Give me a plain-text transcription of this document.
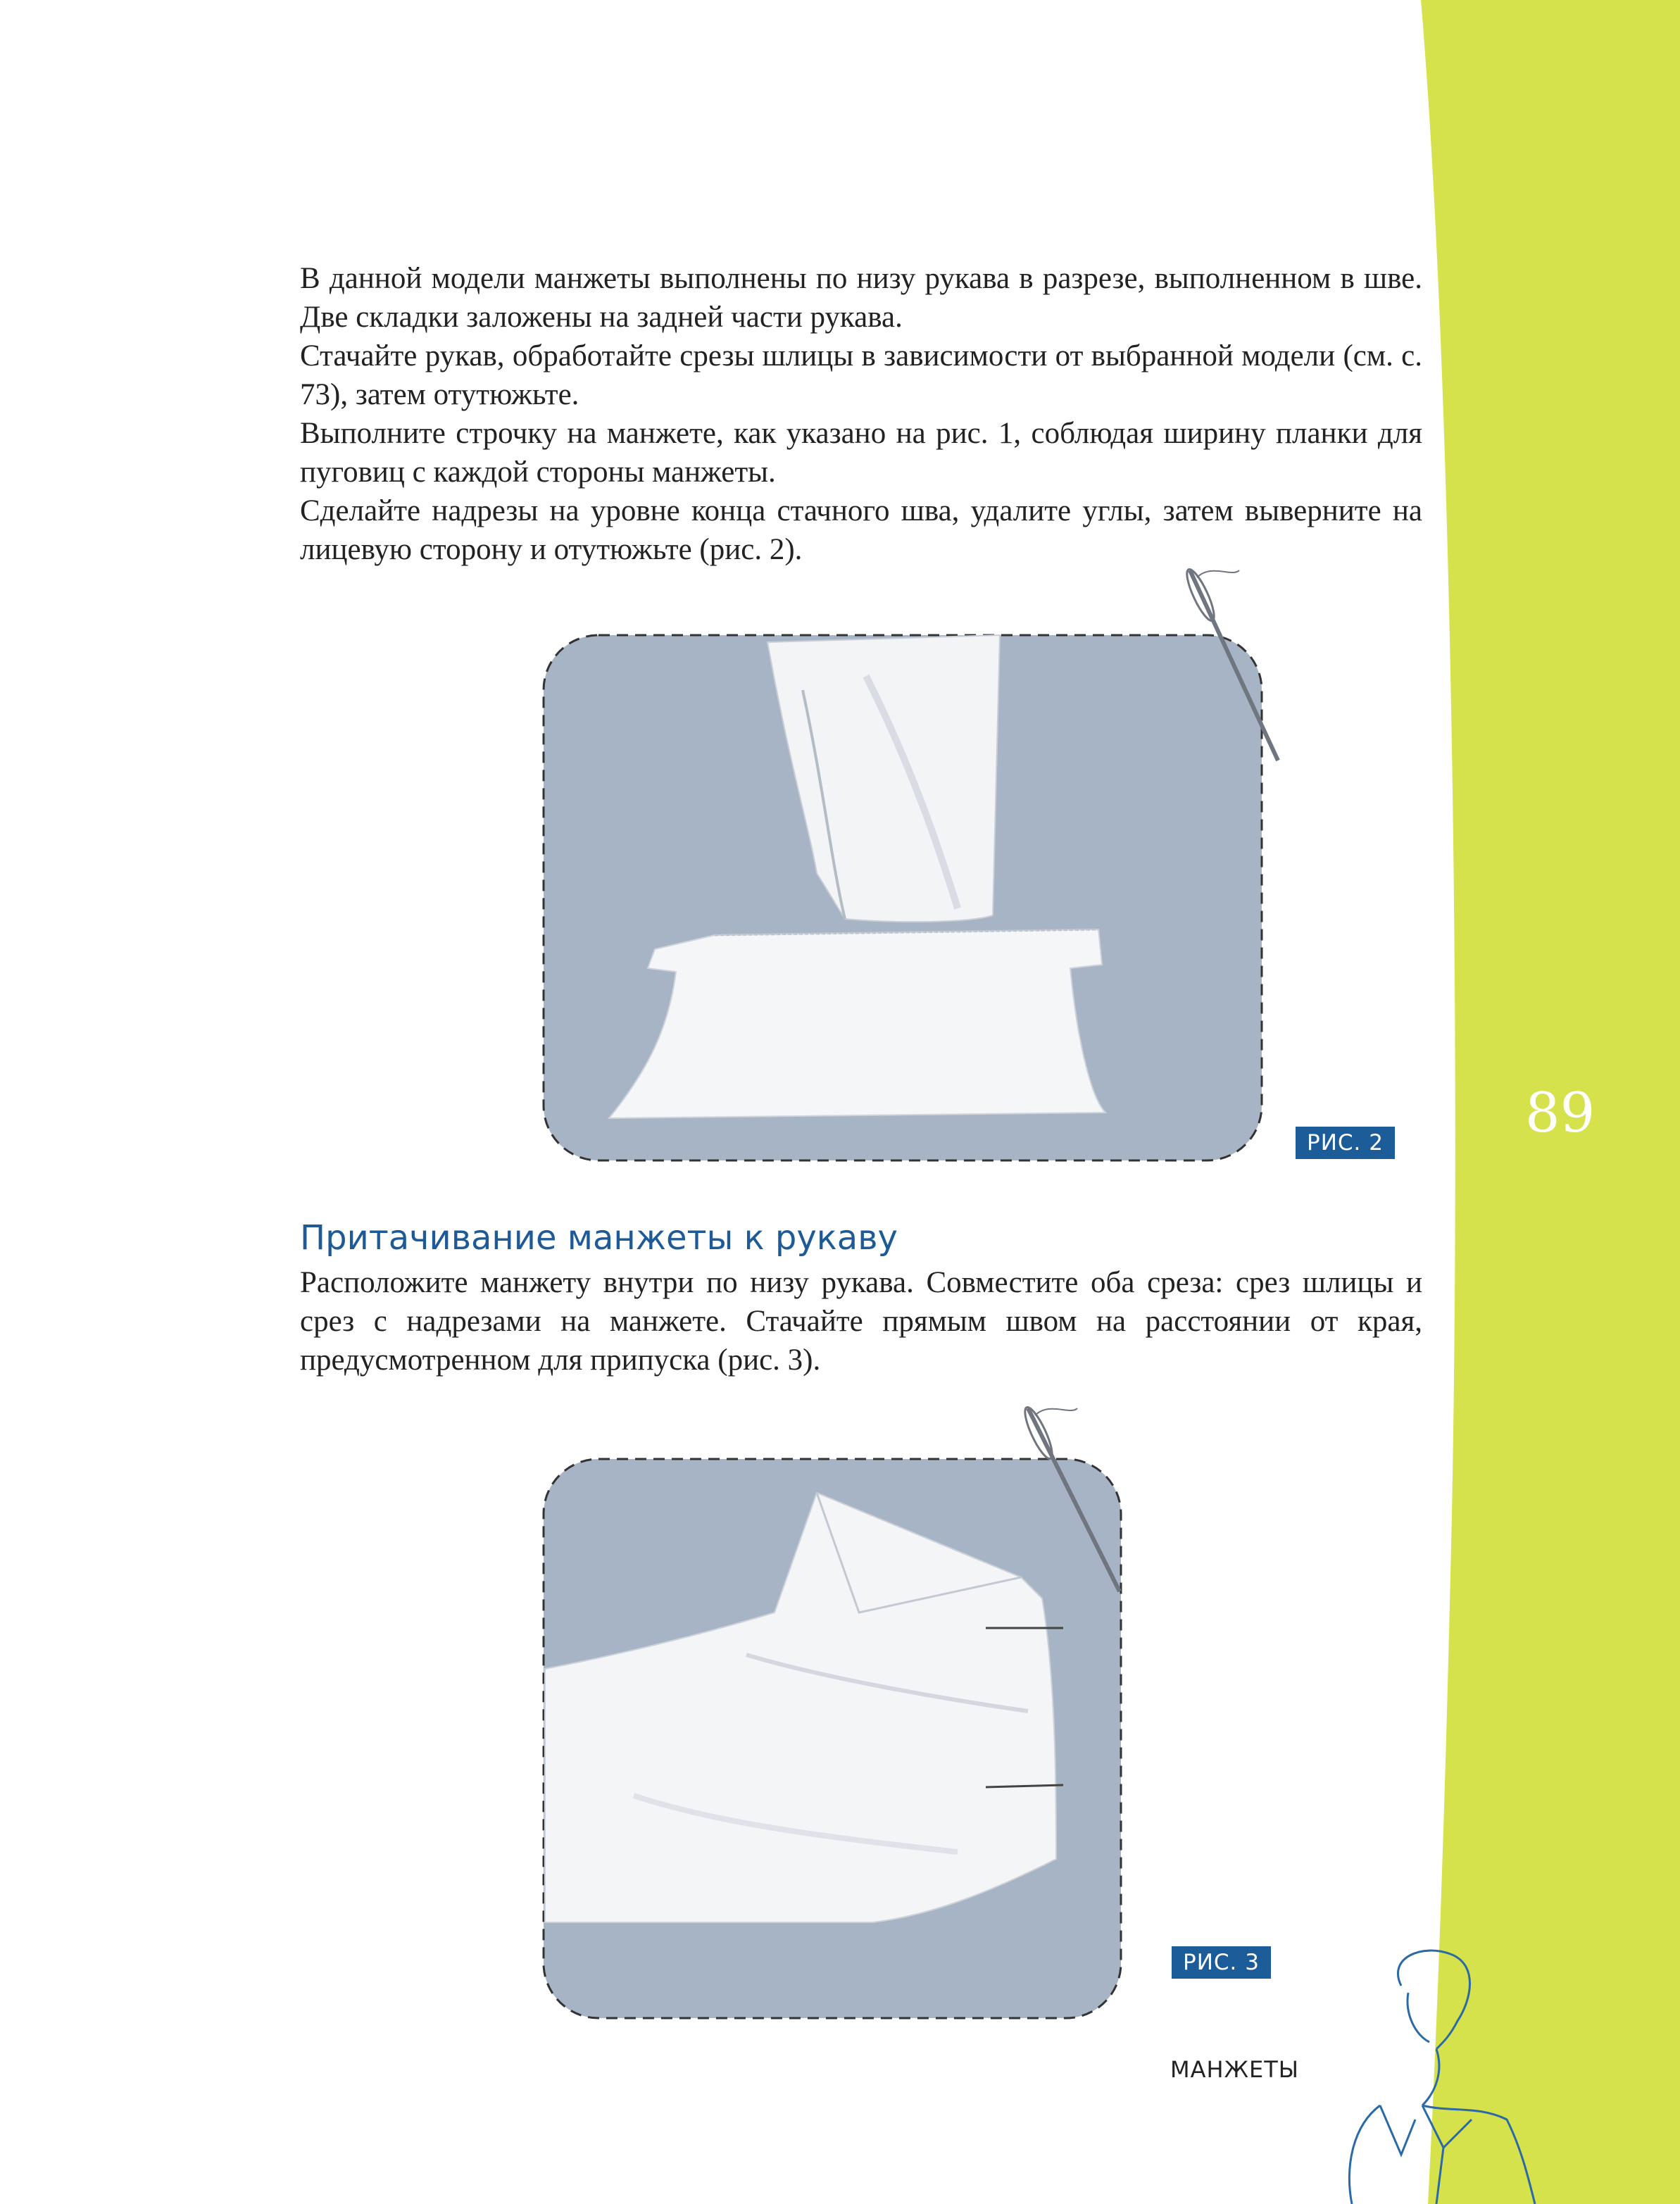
В данной модели манжеты выполнены по низу рукава в разрезе, выполненном в шве. Две складки заложены на задней части рукава.

Стачайте рукав, обработайте срезы шлицы в зависимости от выбранной модели (см. с. 73), затем отутюжьте.

Выполните строчку на манжете, как указано на рис. 1, соблюдая ширину планки для пуговиц с каждой стороны манжеты.

Сделайте надрезы на уровне конца стачного шва, удалите углы, затем выверните на лицевую сторону и отутюжьте (рис. 2).

РИС. 2	89
Притачивание манжеты к рукаву

Расположите манжету внутри по низу рукава. Совместите оба среза: срез шлицы и срез с надрезами на манжете. Стачайте прямым швом на расстоянии от края, предусмотренном для припуска (рис. 3).

РИС. 3
МАНЖЕТЫ
